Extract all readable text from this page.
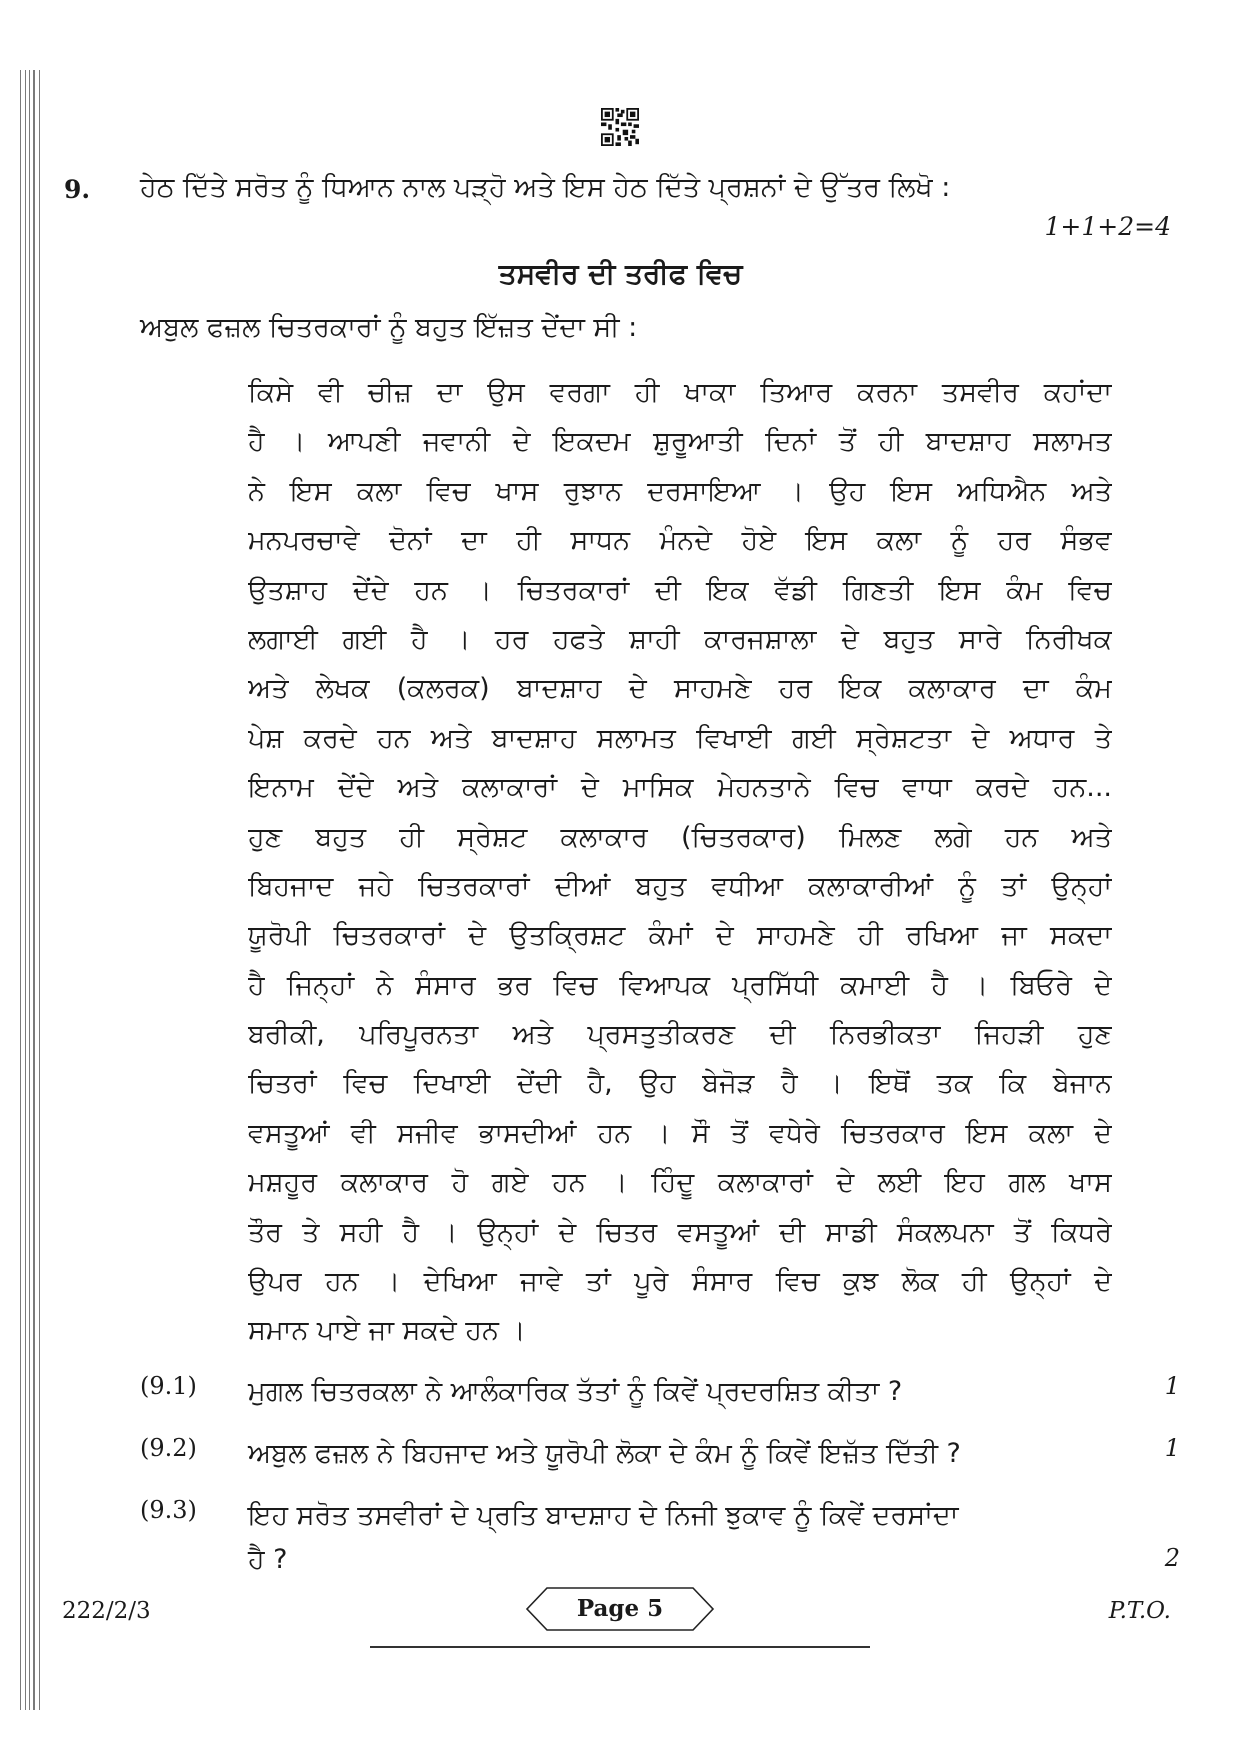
9. ਹੇਠ ਦਿੱਤੇ ਸਰੋਤ ਨੂੰ ਧਿਆਨ ਨਾਲ ਪੜ੍ਹੋ ਅਤੇ ਇਸ ਹੇਠ ਦਿੱਤੇ ਪ੍ਰਸ਼ਨਾਂ ਦੇ ਉੱਤਰ ਲਿਖੋ :
1+1+2=4
ਤਸਵੀਰ ਦੀ ਤਰੀਫ ਵਿਚ
ਅਬੁਲ ਫਜ਼ਲ ਚਿਤਰਕਾਰਾਂ ਨੂੰ ਬਹੁਤ ਇੱਜ਼ਤ ਦੇਂਦਾ ਸੀ :
ਕਿਸੇ ਵੀ ਚੀਜ਼ ਦਾ ਉਸ ਵਰਗਾ ਹੀ ਖਾਕਾ ਤਿਆਰ ਕਰਨਾ ਤਸਵੀਰ ਕਹਾਂਦਾ
ਹੈ । ਆਪਣੀ ਜਵਾਨੀ ਦੇ ਇਕਦਮ ਸ਼ੁਰੂਆਤੀ ਦਿਨਾਂ ਤੋਂ ਹੀ ਬਾਦਸ਼ਾਹ ਸਲਾਮਤ
ਨੇ ਇਸ ਕਲਾ ਵਿਚ ਖਾਸ ਰੁਝਾਨ ਦਰਸਾਇਆ । ਉਹ ਇਸ ਅਧਿਐਨ ਅਤੇ
ਮਨਪਰਚਾਵੇ ਦੋਨਾਂ ਦਾ ਹੀ ਸਾਧਨ ਮੰਨਦੇ ਹੋਏ ਇਸ ਕਲਾ ਨੂੰ ਹਰ ਸੰਭਵ
ਉਤਸ਼ਾਹ ਦੇਂਦੇ ਹਨ । ਚਿਤਰਕਾਰਾਂ ਦੀ ਇਕ ਵੱਡੀ ਗਿਣਤੀ ਇਸ ਕੰਮ ਵਿਚ
ਲਗਾਈ ਗਈ ਹੈ । ਹਰ ਹਫਤੇ ਸ਼ਾਹੀ ਕਾਰਜਸ਼ਾਲਾ ਦੇ ਬਹੁਤ ਸਾਰੇ ਨਿਰੀਖਕ
ਅਤੇ ਲੇਖਕ (ਕਲਰਕ) ਬਾਦਸ਼ਾਹ ਦੇ ਸਾਹਮਣੇ ਹਰ ਇਕ ਕਲਾਕਾਰ ਦਾ ਕੰਮ
ਪੇਸ਼ ਕਰਦੇ ਹਨ ਅਤੇ ਬਾਦਸ਼ਾਹ ਸਲਾਮਤ ਵਿਖਾਈ ਗਈ ਸ੍ਰੇਸ਼ਟਤਾ ਦੇ ਅਧਾਰ ਤੇ
ਇਨਾਮ ਦੇਂਦੇ ਅਤੇ ਕਲਾਕਾਰਾਂ ਦੇ ਮਾਸਿਕ ਮੇਹਨਤਾਨੇ ਵਿਚ ਵਾਧਾ ਕਰਦੇ ਹਨ...
ਹੁਣ ਬਹੁਤ ਹੀ ਸ੍ਰੇਸ਼ਟ ਕਲਾਕਾਰ (ਚਿਤਰਕਾਰ) ਮਿਲਣ ਲਗੇ ਹਨ ਅਤੇ
ਬਿਹਜਾਦ ਜਹੇ ਚਿਤਰਕਾਰਾਂ ਦੀਆਂ ਬਹੁਤ ਵਧੀਆ ਕਲਾਕਾਰੀਆਂ ਨੂੰ ਤਾਂ ਉਨ੍ਹਾਂ
ਯੂਰੋਪੀ ਚਿਤਰਕਾਰਾਂ ਦੇ ਉਤਕ੍ਰਿਸ਼ਟ ਕੰਮਾਂ ਦੇ ਸਾਹਮਣੇ ਹੀ ਰਖਿਆ ਜਾ ਸਕਦਾ
ਹੈ ਜਿਨ੍ਹਾਂ ਨੇ ਸੰਸਾਰ ਭਰ ਵਿਚ ਵਿਆਪਕ ਪ੍ਰਸਿੱਧੀ ਕਮਾਈ ਹੈ । ਬਿਓਰੇ ਦੇ
ਬਰੀਕੀ, ਪਰਿਪੂਰਨਤਾ ਅਤੇ ਪ੍ਰਸਤੁਤੀਕਰਣ ਦੀ ਨਿਰਭੀਕਤਾ ਜਿਹੜੀ ਹੁਣ
ਚਿਤਰਾਂ ਵਿਚ ਦਿਖਾਈ ਦੇਂਦੀ ਹੈ, ਉਹ ਬੇਜੋੜ ਹੈ । ਇਥੋਂ ਤਕ ਕਿ ਬੇਜਾਨ
ਵਸਤੂਆਂ ਵੀ ਸਜੀਵ ਭਾਸਦੀਆਂ ਹਨ । ਸੌ ਤੋਂ ਵਧੇਰੇ ਚਿਤਰਕਾਰ ਇਸ ਕਲਾ ਦੇ
ਮਸ਼ਹੂਰ ਕਲਾਕਾਰ ਹੋ ਗਏ ਹਨ । ਹਿੰਦੂ ਕਲਾਕਾਰਾਂ ਦੇ ਲਈ ਇਹ ਗਲ ਖਾਸ
ਤੌਰ ਤੇ ਸਹੀ ਹੈ । ਉਨ੍ਹਾਂ ਦੇ ਚਿਤਰ ਵਸਤੂਆਂ ਦੀ ਸਾਡੀ ਸੰਕਲਪਨਾ ਤੋਂ ਕਿਧਰੇ
ਉਪਰ ਹਨ । ਦੇਖਿਆ ਜਾਵੇ ਤਾਂ ਪੂਰੇ ਸੰਸਾਰ ਵਿਚ ਕੁਝ ਲੋਕ ਹੀ ਉਨ੍ਹਾਂ ਦੇ
ਸਮਾਨ ਪਾਏ ਜਾ ਸਕਦੇ ਹਨ ।
(9.1) ਮੁਗਲ ਚਿਤਰਕਲਾ ਨੇ ਆਲੰਕਾਰਿਕ ਤੱਤਾਂ ਨੂੰ ਕਿਵੇਂ ਪ੍ਰਦਰਸ਼ਿਤ ਕੀਤਾ ?	1
(9.2) ਅਬੁਲ ਫਜ਼ਲ ਨੇ ਬਿਹਜਾਦ ਅਤੇ ਯੂਰੋਪੀ ਲੋਕਾ ਦੇ ਕੰਮ ਨੂੰ ਕਿਵੇਂ ਇਜ਼ੱਤ ਦਿੱਤੀ ?	1
(9.3) ਇਹ ਸਰੋਤ ਤਸਵੀਰਾਂ ਦੇ ਪ੍ਰਤਿ ਬਾਦਸ਼ਾਹ ਦੇ ਨਿਜੀ ਝੁਕਾਵ ਨੂੰ ਕਿਵੇਂ ਦਰਸਾਂਦਾ
ਹੈ ?	2
222/2/3	Page 5	P.T.O.
